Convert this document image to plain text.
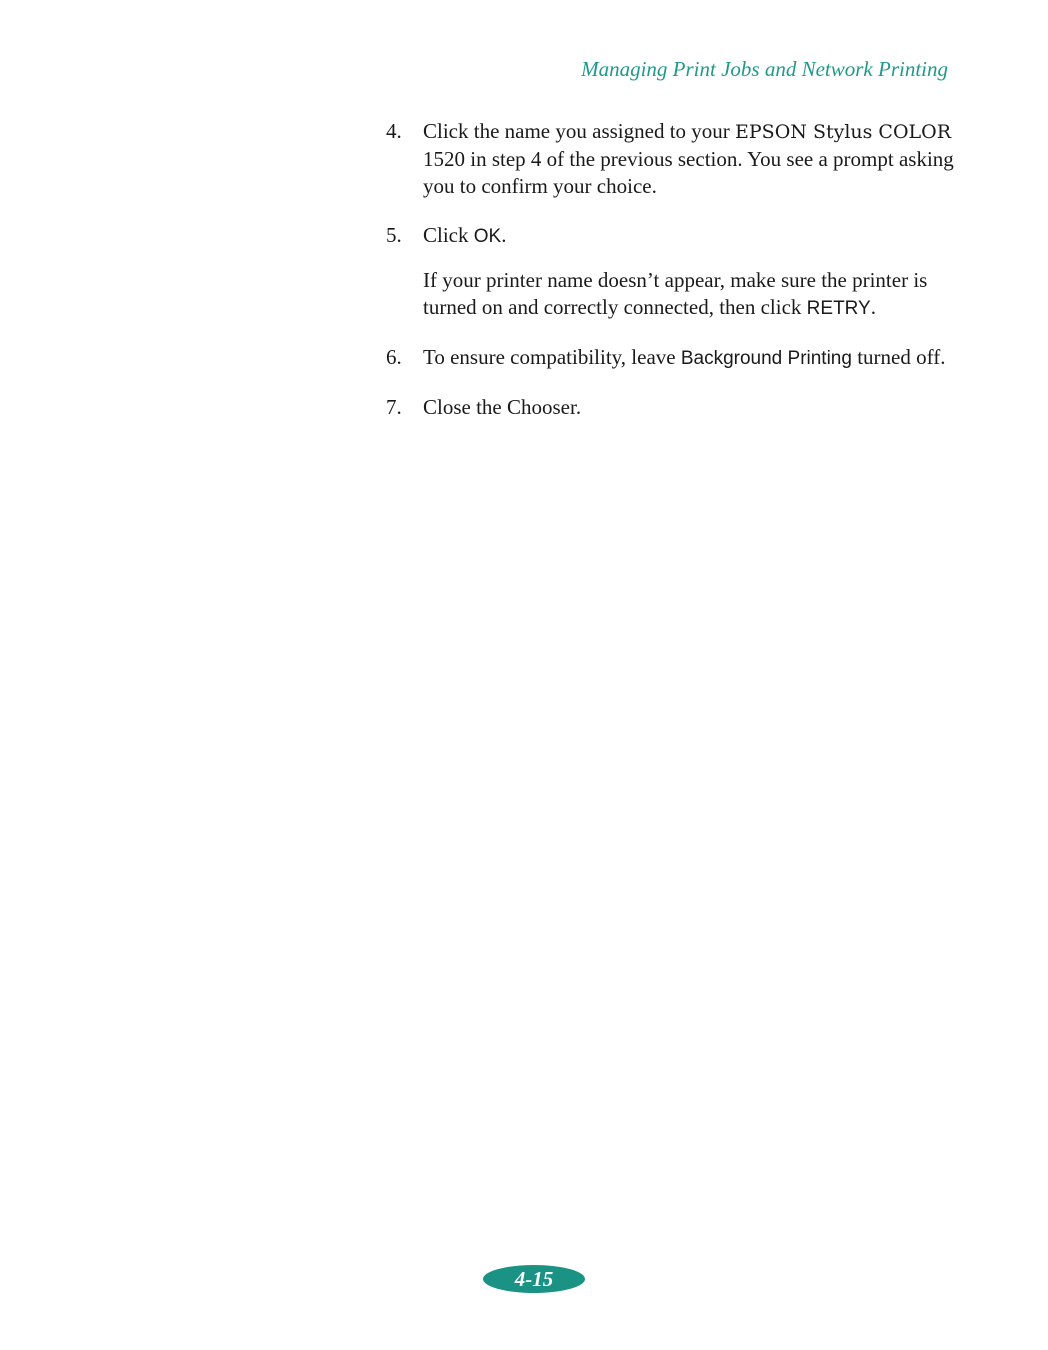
Managing Print Jobs and Network Printing
4. Click the name you assigned to your EPSON Stylus COLOR 1520 in step 4 of the previous section. You see a prompt asking you to confirm your choice.
5. Click OK.
If your printer name doesn’t appear, make sure the printer is turned on and correctly connected, then click RETRY.
6. To ensure compatibility, leave Background Printing turned off.
7. Close the Chooser.
4-15
